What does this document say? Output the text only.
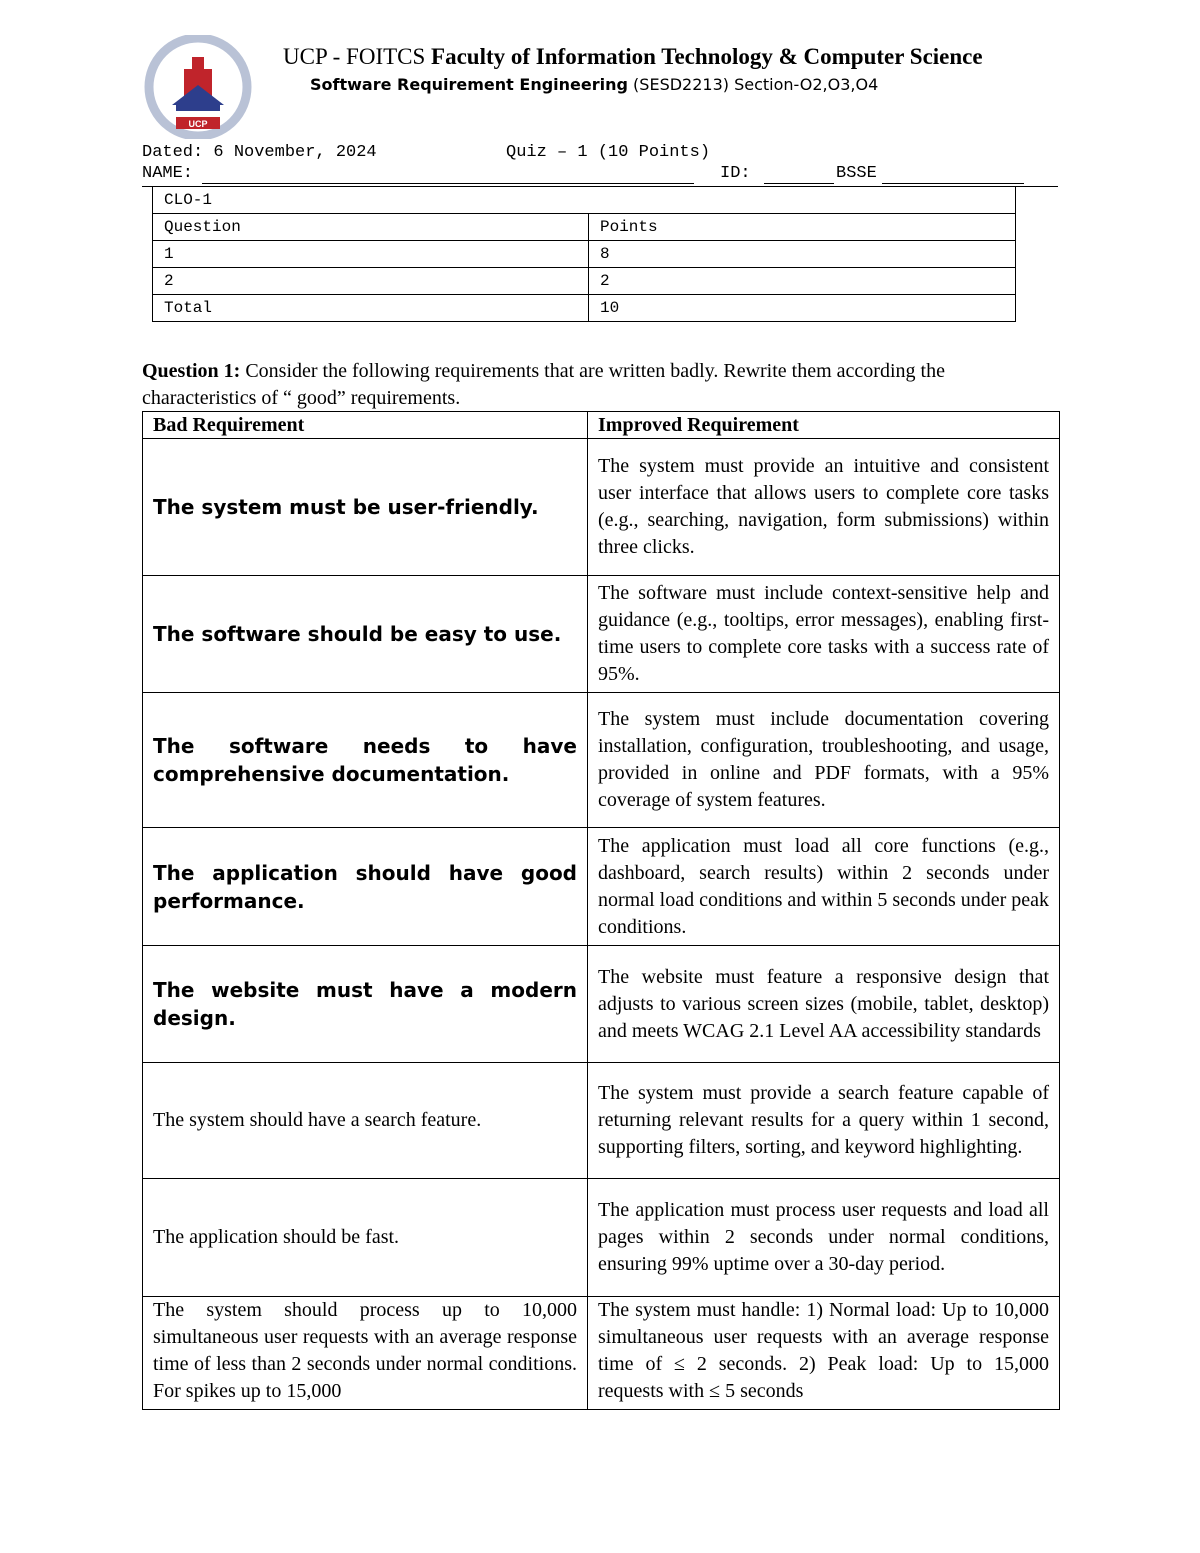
UCP
UCP - FOITCS Faculty of Information Technology & Computer Science
Software Requirement Engineering (SESD2213) Section-O2,O3,O4
Dated: 6 November, 2024	Quiz – 1 (10 Points)
NAME:	ID:	BSSE
CLO-1	
Question	Points
1	8
2	2
Total	10
Question 1: Consider the following requirements that are written badly. Rewrite them according the characteristics of “ good” requirements.
Bad Requirement	Improved Requirement
The system must be user-friendly.	The system must provide an intuitive and consistent user interface that allows users to complete core tasks (e.g., searching, navigation, form submissions) within three clicks.
The software should be easy to use.	The software must include context-sensitive help and guidance (e.g., tooltips, error messages), enabling first-time users to complete core tasks with a success rate of 95%.
The software needs to have comprehensive documentation.	The system must include documentation covering installation, configuration, troubleshooting, and usage, provided in online and PDF formats, with a 95% coverage of system features.
The application should have good performance.	The application must load all core functions (e.g., dashboard, search results) within 2 seconds under normal load conditions and within 5 seconds under peak conditions.
The website must have a modern design.	The website must feature a responsive design that adjusts to various screen sizes (mobile, tablet, desktop) and meets WCAG 2.1 Level AA accessibility standards
The system should have a search feature.	The system must provide a search feature capable of returning relevant results for a query within 1 second, supporting filters, sorting, and keyword highlighting.
The application should be fast.	The application must process user requests and load all pages within 2 seconds under normal conditions, ensuring 99% uptime over a 30-day period.
The system should process up to 10,000 simultaneous user requests with an average response time of less than 2 seconds under normal conditions. For spikes up to 15,000	The system must handle: 1) Normal load: Up to 10,000 simultaneous user requests with an average response time of ≤ 2 seconds. 2) Peak load: Up to 15,000 requests with ≤ 5 seconds
